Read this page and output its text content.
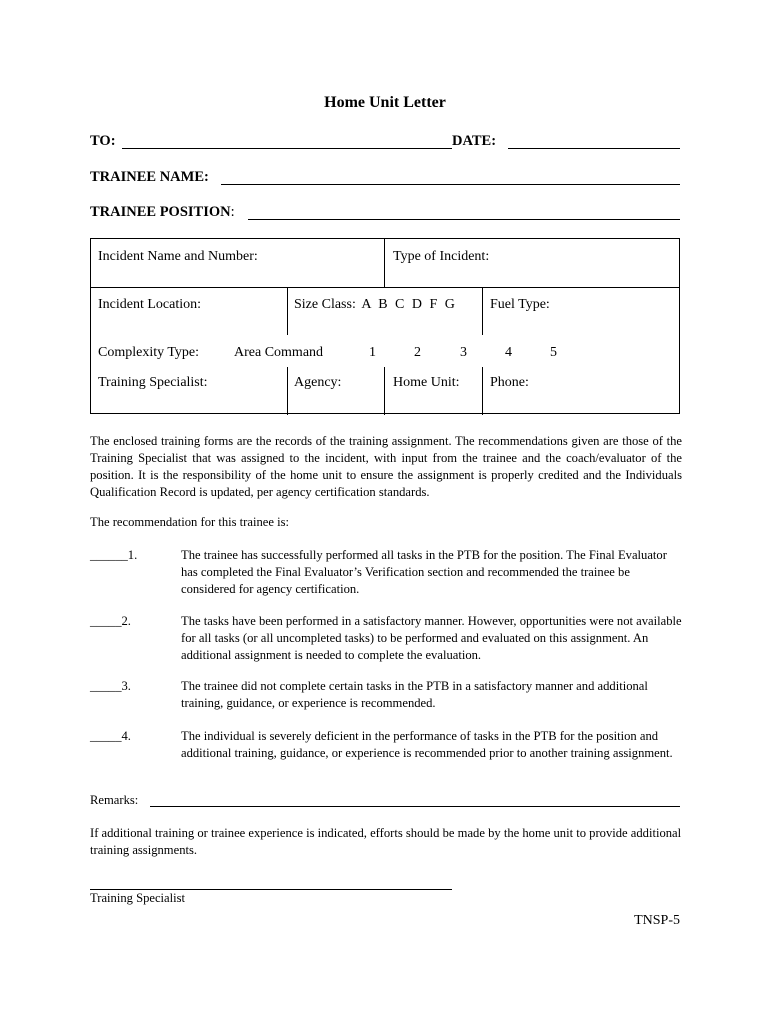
Home Unit Letter
TO:	DATE:
TRAINEE NAME:
TRAINEE POSITION:
Incident Name and Number:	Type of Incident:
Incident Location:	Size Class: A B C D F G	Fuel Type:
Complexity Type: Area Command	1	2	3	4	5
Training Specialist:	Agency:	Home Unit: Phone:
The enclosed training forms are the records of the training assignment. The recommendations given are those of the Training Specialist that was assigned to the incident, with input from the trainee and the coach/evaluator of the position. It is the responsibility of the home unit to ensure the assignment is properly credited and the Individuals Qualification Record is updated, per agency certification standards.
The recommendation for this trainee is:
______1.	The trainee has successfully performed all tasks in the PTB for the position. The Final Evaluator has completed the Final Evaluator’s Verification section and recommended the trainee be considered for agency certification.
_____2.	The tasks have been performed in a satisfactory manner. However, opportunities were not available for all tasks (or all uncompleted tasks) to be performed and evaluated on this assignment. An additional assignment is needed to complete the evaluation.
_____3.	The trainee did not complete certain tasks in the PTB in a satisfactory manner and additional training, guidance, or experience is recommended.
_____4.	The individual is severely deficient in the performance of tasks in the PTB for the position and additional training, guidance, or experience is recommended prior to another training assignment.
Remarks:
If additional training or trainee experience is indicated, efforts should be made by the home unit to provide additional training assignments.
Training Specialist
TNSP-5
